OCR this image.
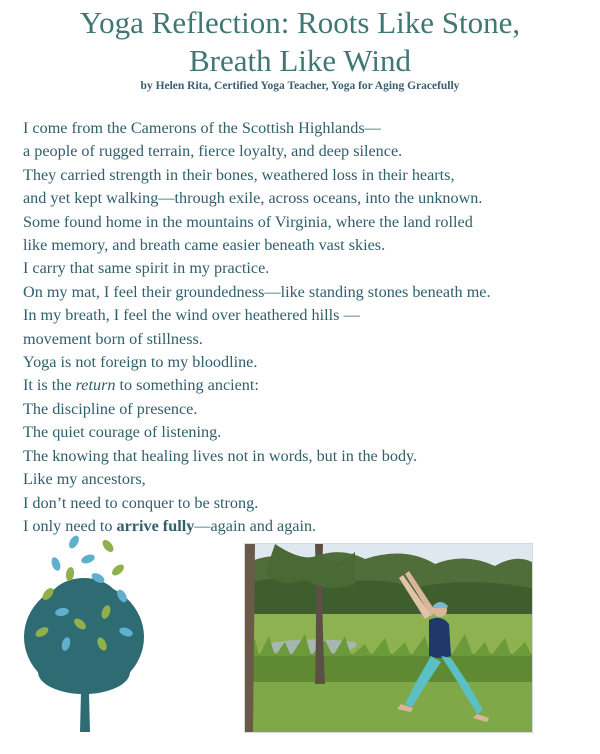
Yoga Reflection: Roots Like Stone,
Breath Like Wind
by Helen Rita, Certified Yoga Teacher, Yoga for Aging Gracefully
I come from the Camerons of the Scottish Highlands—
a people of rugged terrain, fierce loyalty, and deep silence.
They carried strength in their bones, weathered loss in their hearts,
and yet kept walking—through exile, across oceans, into the unknown.
Some found home in the mountains of Virginia, where the land rolled
like memory, and breath came easier beneath vast skies.
I carry that same spirit in my practice.
On my mat, I feel their groundedness—like standing stones beneath me.
In my breath, I feel the wind over heathered hills —
movement born of stillness.
Yoga is not foreign to my bloodline.
It is the return to something ancient:
The discipline of presence.
The quiet courage of listening.
The knowing that healing lives not in words, but in the body.
Like my ancestors,
I don’t need to conquer to be strong.
I only need to arrive fully—again and again.
